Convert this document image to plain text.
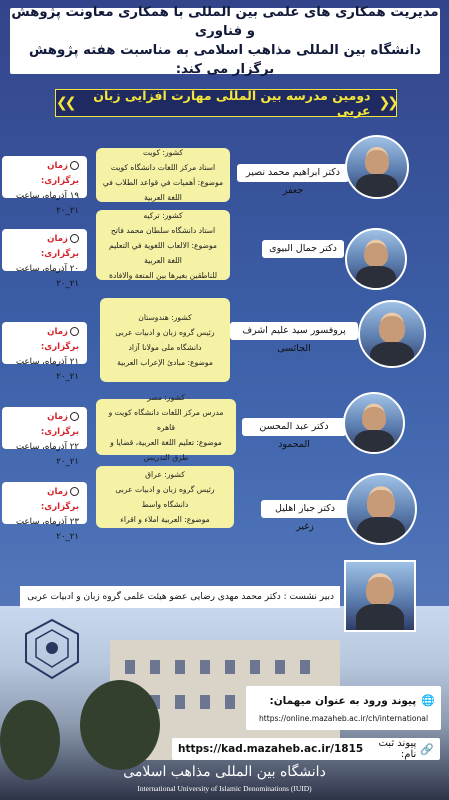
مدیریت همکاری های علمی بین المللی با همکاری معاونت پژوهش و فناوری
دانشگاه بین المللی مذاهب اسلامی به مناسبت هفته پژوهش برگزار می کند:
❮❮
دومین مدرسه بین المللی مهارت افزایی زبان عربی
❯❯
زمان برگزاری:
۱۹ آذرماه، ساعت ۲۱_۲۰
کشور: کویت
استاد مرکز اللغات دانشگاه کویت
موضوع: أهمیات في قواعد الطلاب في اللغة العربیة
دکتر ابراهیم محمد نصیر جعفر
زمان برگزاری:
۲۰ آذرماه، ساعت ۲۱_۲۰
کشور: ترکیه
استاد دانشگاه سلطان محمد فاتح
موضوع: الالعاب اللغویة في التعلیم اللغة العربیة
للناطقین بغیرها بین المتعة والافادة
دکتر جمال البیوی
زمان برگزاری:
۲۱ آذرماه، ساعت ۲۱_۲۰
کشور: هندوستان
رئیس گروه زبان و ادبیات عربی
دانشگاه ملی مولانا آزاد
موضوع: مبادئ الإعراب العربیة
پروفسور سید علیم اشرف الجائسی
زمان برگزاری:
۲۲ آذرماه، ساعت ۲۱_۲۰
کشور: مصر
مدرس مرکز اللغات دانشگاه کویت و قاهره
موضوع: تعلیم اللغة العربیة، قضایا و طرق التدریس
دکتر عبد المحسن المحمود
زمان برگزاری:
۲۳ آذرماه، ساعت ۲۱_۲۰
کشور: عراق
رئیس گروه زبان و ادبیات عربی دانشگاه واسط
موضوع: العربیة املاء و اقراء
دکتر جبار اهلیل زغیر
دبیر نشست : دکتر محمد مهدی رضایی عضو هیئت علمی گروه زبان و ادبیات عربی
🌐 پیوند ورود به عنوان میهمان:
https://online.mazaheb.ac.ir/ch/international
🔗
پیوند ثبت نام:
https://kad.mazaheb.ac.ir/1815
دانشگاه بین المللی مذاهب اسلامی
International University of Islamic Denominations (IUID)
